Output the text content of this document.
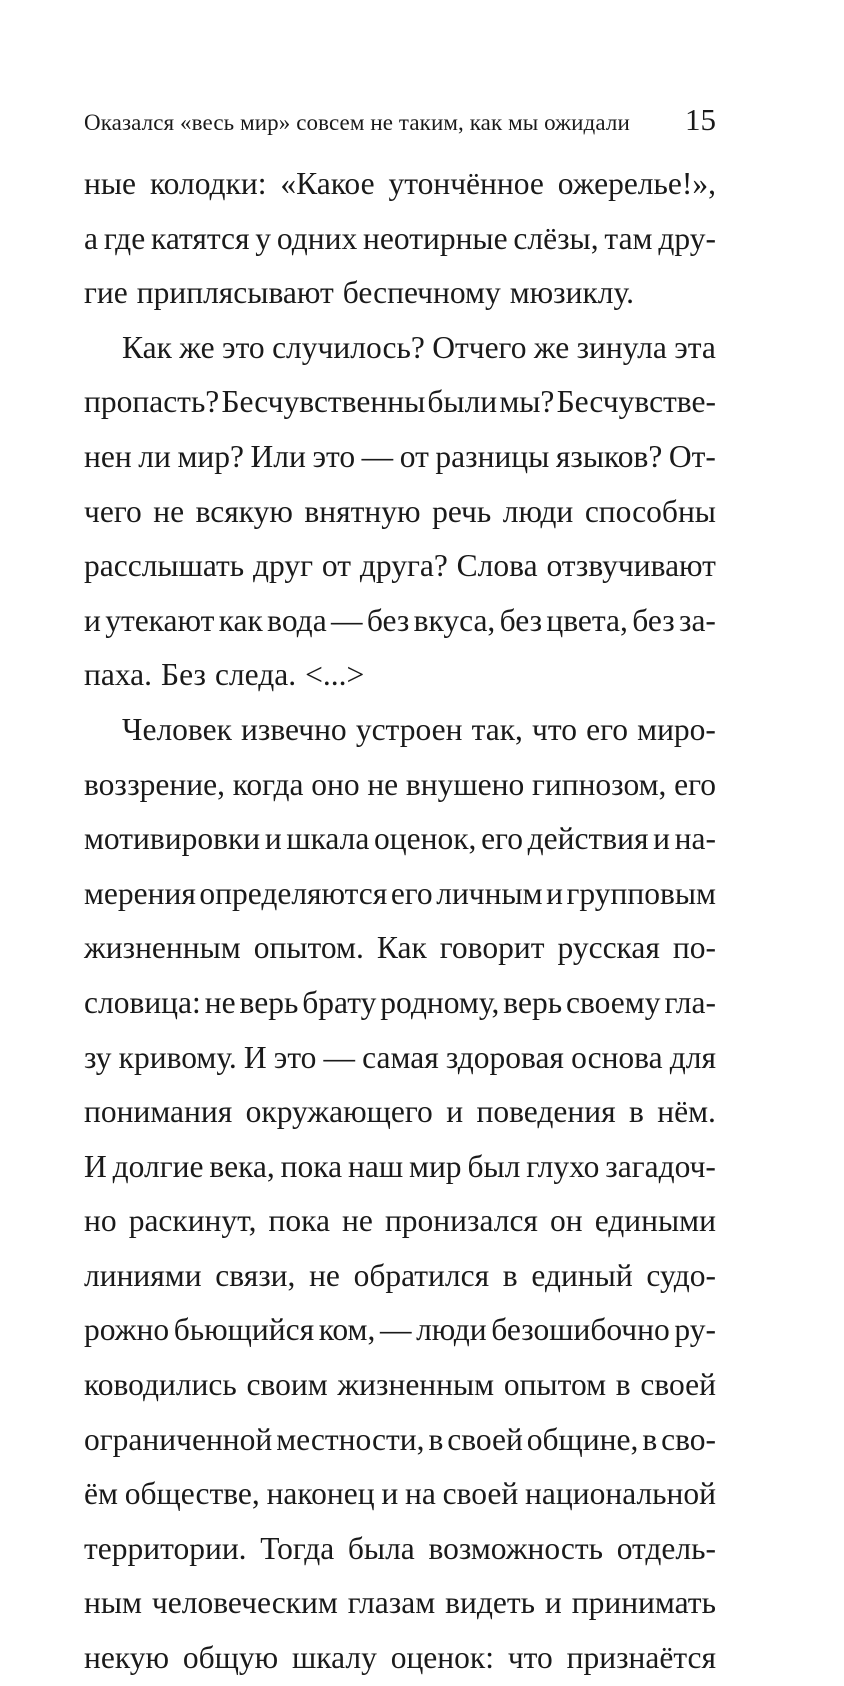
Оказался «весь мир» совсем не таким, как мы ожидали 15
ные колодки: «Какое утончённое ожерелье!»,
а где катятся у одних неотирные слёзы, там дру-
гие приплясывают беспечному мюзиклу.
Как же это случилось? Отчего же зинула эта
пропасть? Бесчувственны были мы? Бесчувстве-
нен ли мир? Или это — от разницы языков? От-
чего не всякую внятную речь люди способны
расслышать друг от друга? Слова отзвучивают
и утекают как вода — без вкуса, без цвета, без за-
паха. Без следа. <...>
Человек извечно устроен так, что его миро-
воззрение, когда оно не внушено гипнозом, его
мотивировки и шкала оценок, его действия и на-
мерения определяются его личным и групповым
жизненным опытом. Как говорит русская по-
словица: не верь брату родному, верь своему гла-
зу кривому. И это — самая здоровая основа для
понимания окружающего и поведения в нём.
И долгие века, пока наш мир был глухо загадоч-
но раскинут, пока не пронизался он едиными
линиями связи, не обратился в единый судо-
рожно бьющийся ком, — люди безошибочно ру-
ководились своим жизненным опытом в своей
ограниченной местности, в своей общине, в сво-
ём обществе, наконец и на своей национальной
территории. Тогда была возможность отдель-
ным человеческим глазам видеть и принимать
некую общую шкалу оценок: что признаётся
